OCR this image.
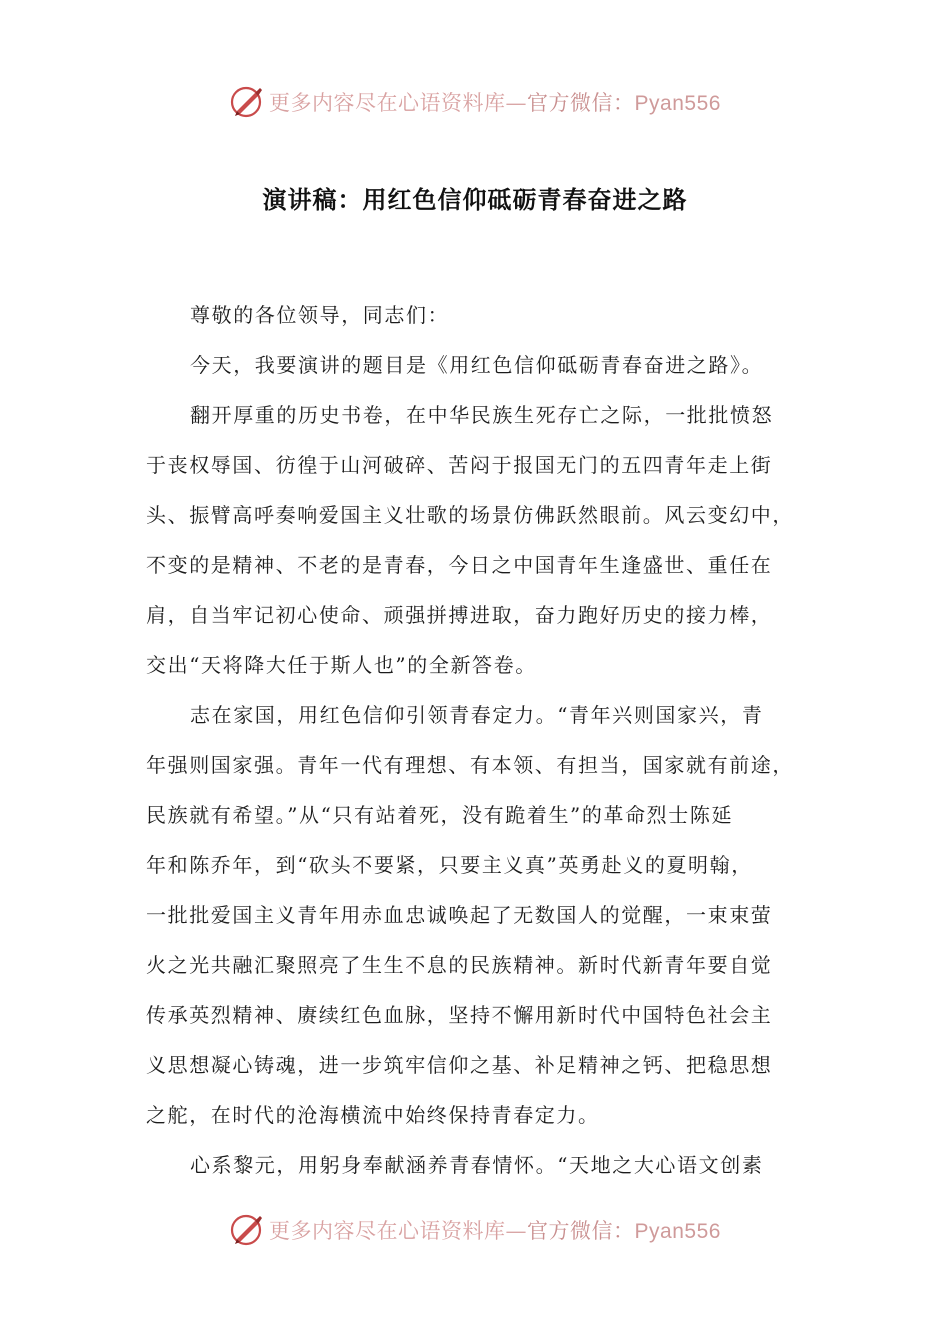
更多内容尽在心语资料库—官方微信：Pyan556
演讲稿：用红色信仰砥砺青春奋进之路
尊敬的各位领导，同志们：
今天，我要演讲的题目是《用红色信仰砥砺青春奋进之路》。
翻开厚重的历史书卷，在中华民族生死存亡之际，一批批愤怒
于丧权辱国、彷徨于山河破碎、苦闷于报国无门的五四青年走上街
头、振臂高呼奏响爱国主义壮歌的场景仿佛跃然眼前。风云变幻中，
不变的是精神、不老的是青春，今日之中国青年生逢盛世、重任在
肩，自当牢记初心使命、顽强拼搏进取，奋力跑好历史的接力棒，
交出“天将降大任于斯人也”的全新答卷。
志在家国，用红色信仰引领青春定力。“青年兴则国家兴，青
年强则国家强。青年一代有理想、有本领、有担当，国家就有前途，
民族就有希望。”从“只有站着死，没有跪着生”的革命烈士陈延
年和陈乔年，到“砍头不要紧，只要主义真”英勇赴义的夏明翰，
一批批爱国主义青年用赤血忠诚唤起了无数国人的觉醒，一束束萤
火之光共融汇聚照亮了生生不息的民族精神。新时代新青年要自觉
传承英烈精神、赓续红色血脉，坚持不懈用新时代中国特色社会主
义思想凝心铸魂，进一步筑牢信仰之基、补足精神之钙、把稳思想
之舵，在时代的沧海横流中始终保持青春定力。
心系黎元，用躬身奉献涵养青春情怀。“天地之大心语文创素
更多内容尽在心语资料库—官方微信：Pyan556
